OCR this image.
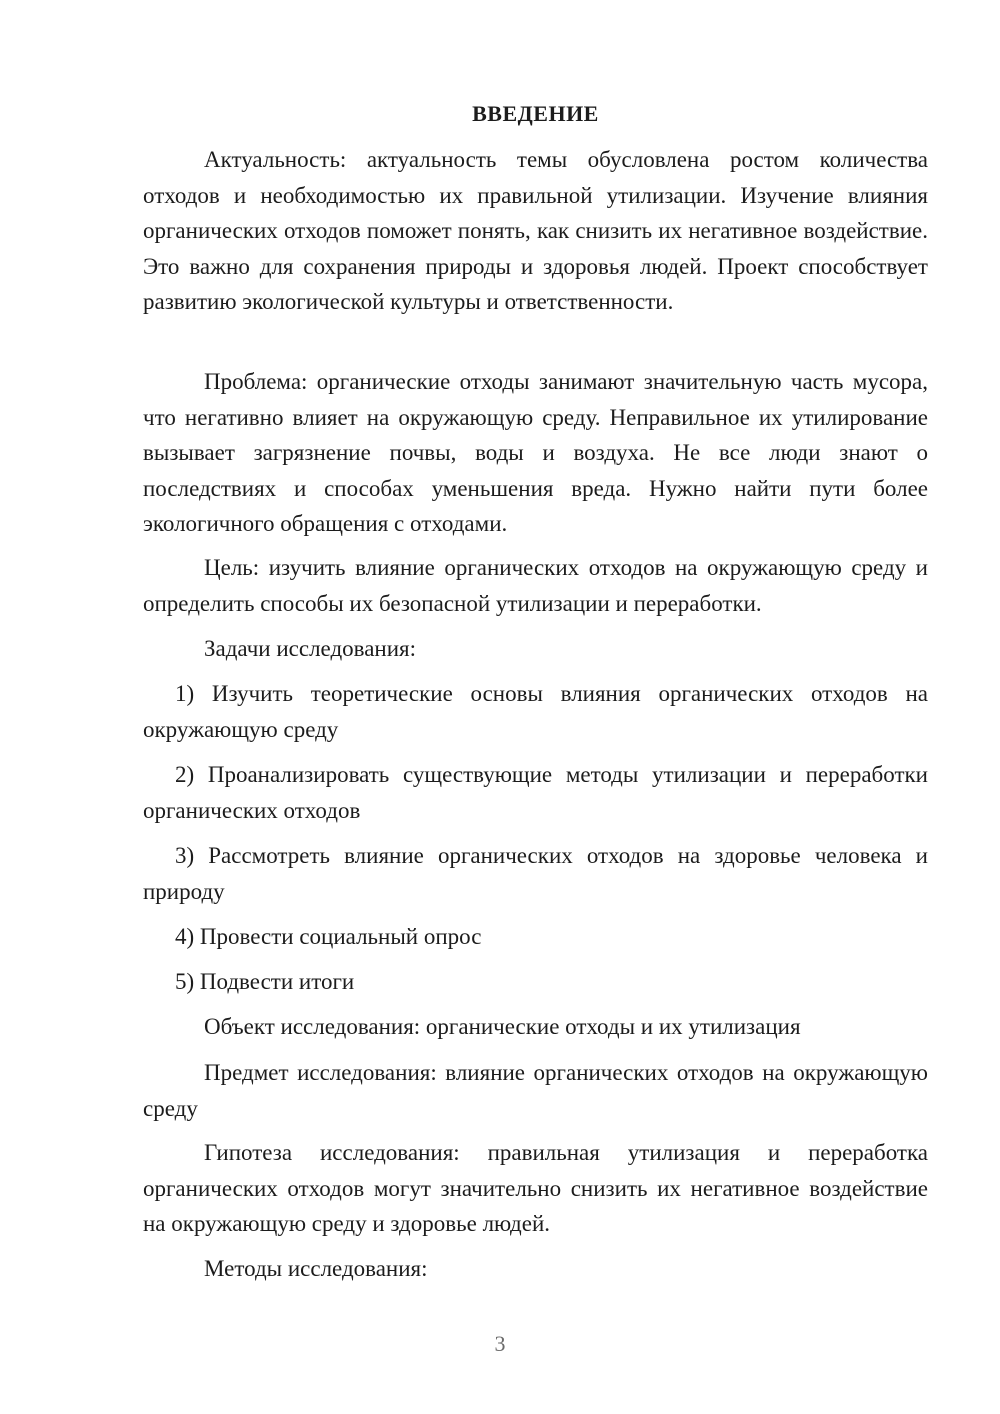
ВВЕДЕНИЕ

Актуальность: актуальность темы обусловлена ростом количества отходов и необходимостью их правильной утилизации. Изучение влияния органических отходов поможет понять, как снизить их негативное воздействие. Это важно для сохранения природы и здоровья людей. Проект способствует развитию экологической культуры и ответственности.

Проблема: органические отходы занимают значительную часть мусора, что негативно влияет на окружающую среду. Неправильное их утилирование вызывает загрязнение почвы, воды и воздуха. Не все люди знают о последствиях и способах уменьшения вреда. Нужно найти пути более экологичного обращения с отходами.

Цель: изучить влияние органических отходов на окружающую среду и определить способы их безопасной утилизации и переработки.

Задачи исследования:

1) Изучить теоретические основы влияния органических отходов на окружающую среду

2) Проанализировать существующие методы утилизации и переработки органических отходов

3) Рассмотреть влияние органических отходов на здоровье человека и природу

4) Провести социальный опрос

5) Подвести итоги

Объект исследования: органические отходы и их утилизация

Предмет исследования: влияние органических отходов на окружающую среду

Гипотеза исследования: правильная утилизация и переработка органических отходов могут значительно снизить их негативное воздействие на окружающую среду и здоровье людей.

Методы исследования:

3
